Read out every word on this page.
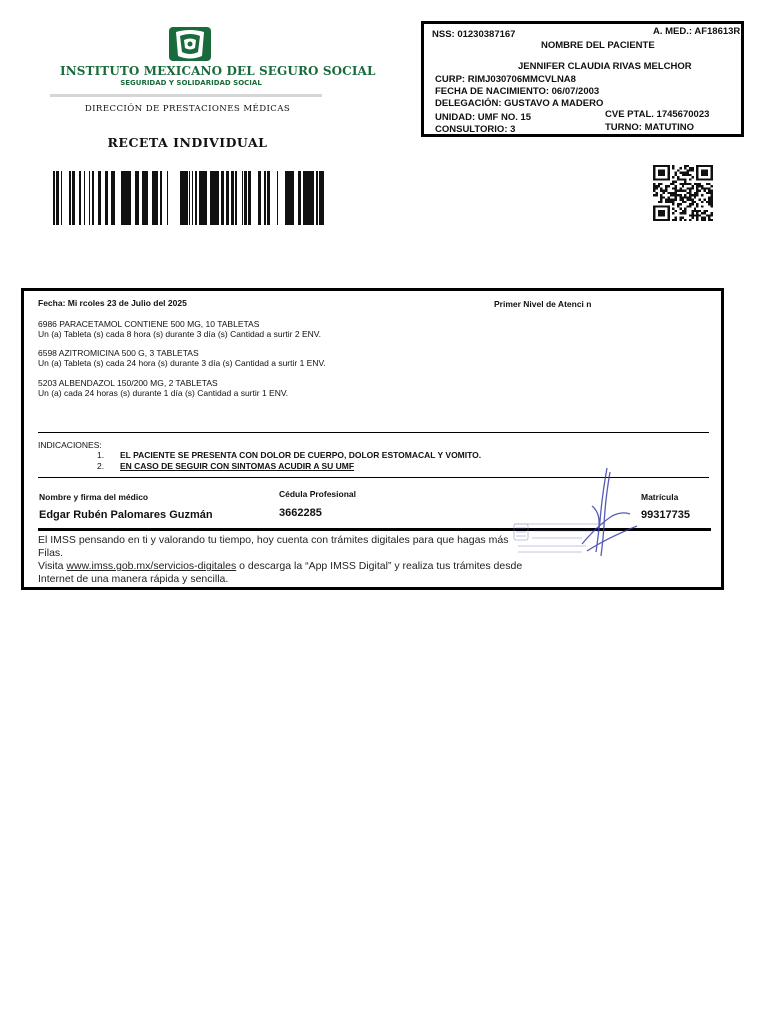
INSTITUTO MEXICANO DEL SEGURO SOCIAL
SEGURIDAD Y SOLIDARIDAD SOCIAL
DIRECCIÓN DE PRESTACIONES MÉDICAS
RECETA INDIVIDUAL
NSS: 01230387167	A. MED.: AF18613R
NOMBRE DEL PACIENTE
JENNIFER CLAUDIA RIVAS MELCHOR
CURP: RIMJ030706MMCVLNA8
FECHA DE NACIMIENTO: 06/07/2003
DELEGACIÓN: GUSTAVO A MADERO
UNIDAD: UMF NO. 15	CVE PTAL. 1745670023
CONSULTORIO: 3	TURNO: MATUTINO
Fecha: Mi rcoles 23 de Julio del 2025	Primer Nivel de Atenci n
6986 PARACETAMOL CONTIENE 500 MG, 10 TABLETAS
Un (a) Tableta (s) cada 8 hora (s) durante 3 día (s) Cantidad a surtir 2 ENV.
6598 AZITROMICINA 500 G, 3 TABLETAS
Un (a) Tableta (s) cada 24 hora (s) durante 3 día (s) Cantidad a surtir 1 ENV.
5203 ALBENDAZOL 150/200 MG, 2 TABLETAS
Un (a) cada 24 horas (s) durante 1 día (s) Cantidad a surtir 1 ENV.
INDICACIONES:
1. EL PACIENTE SE PRESENTA CON DOLOR DE CUERPO, DOLOR ESTOMACAL Y VOMITO.
2. EN CASO DE SEGUIR CON SINTOMAS ACUDIR A SU UMF
Nombre y firma del médico	Cédula Profesional	Matrícula
Edgar Rubén Palomares Guzmán	3662285	99317735
El IMSS pensando en ti y valorando tu tiempo, hoy cuenta con trámites digitales para que hagas más
Filas.
Visita www.imss.gob.mx/servicios-digitales o descarga la “App IMSS Digital” y realiza tus trámites desde
Internet de una manera rápida y sencilla.
